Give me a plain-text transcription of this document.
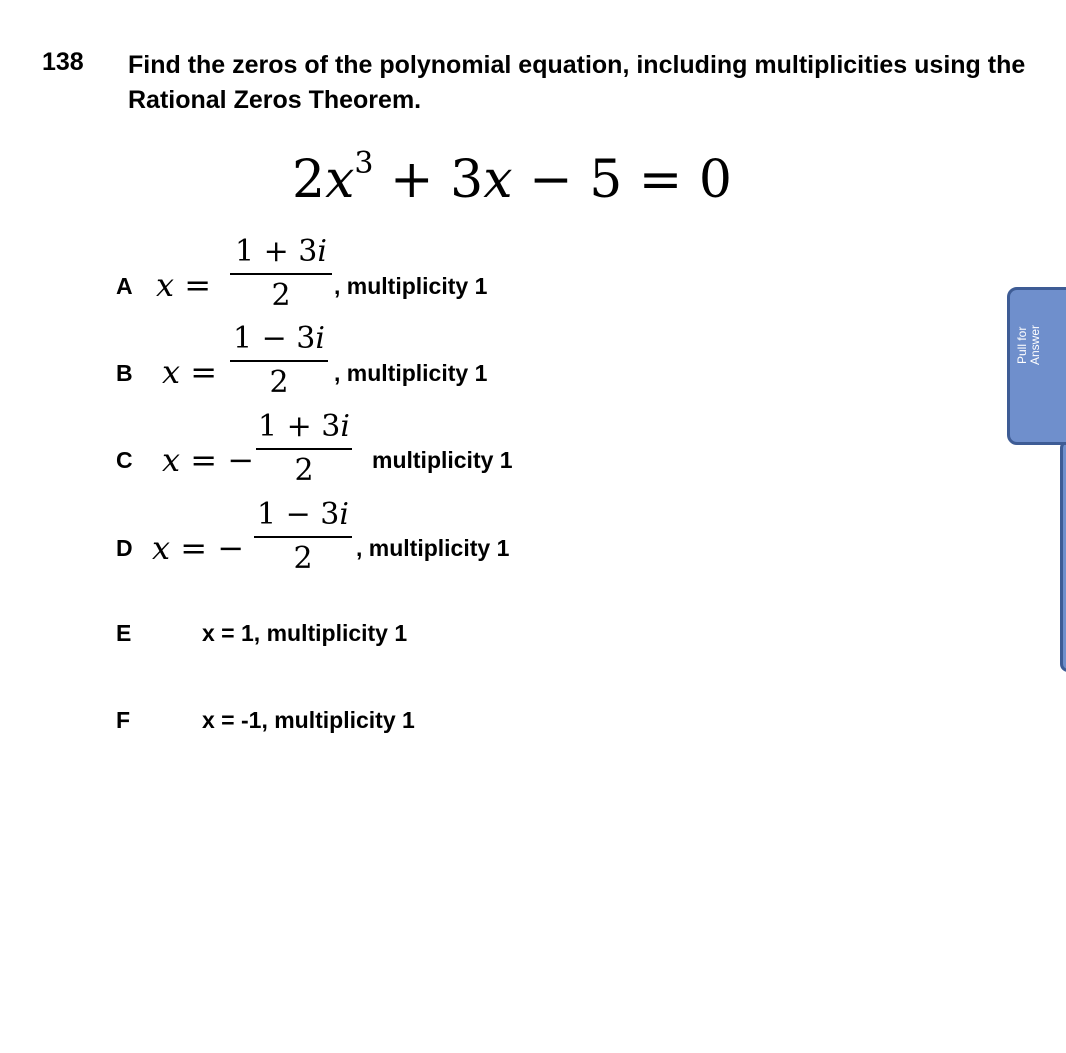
138 Find the zeros of the polynomial equation, including multiplicities using the Rational Zeros Theorem.
$2x^3 + 3x - 5 = 0$
A x =
1 + 3i
2	, multiplicity 1
B x =
1 − 3i
2	, multiplicity 1
C x = −
1 + 3i
2	multiplicity 1
D x = −
1 − 3i
2	, multiplicity 1
E	x = 1, multiplicity 1
F	x = -1, multiplicity 1
Pull for
Answer
